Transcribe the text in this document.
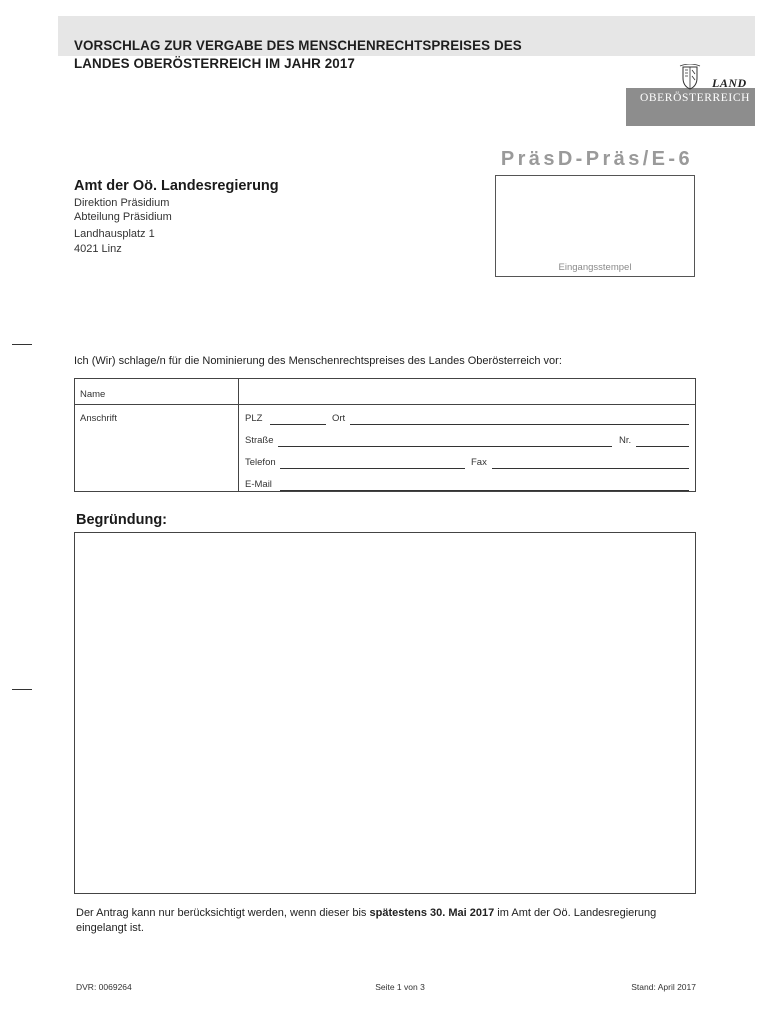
VORSCHLAG ZUR VERGABE DES MENSCHENRECHTSPREISES DES
LANDES OBERÖSTERREICH IM JAHR 2017
LAND
OBERÖSTERREICH
PräsD-Präs/E-6
Amt der Oö. Landesregierung
Direktion Präsidium
Abteilung Präsidium
Landhausplatz 1
4021 Linz
Eingangsstempel
Ich (Wir) schlage/n für die Nominierung des Menschenrechtspreises des Landes Oberösterreich vor:
Name
Anschrift	PLZ	Ort
Straße	Nr.
Telefon	Fax
E-Mail
Begründung:
Der Antrag kann nur berücksichtigt werden, wenn dieser bis spätestens 30. Mai 2017 im Amt der Oö. Landesregierung eingelangt ist.
DVR: 0069264	Seite 1 von 3	Stand: April 2017
